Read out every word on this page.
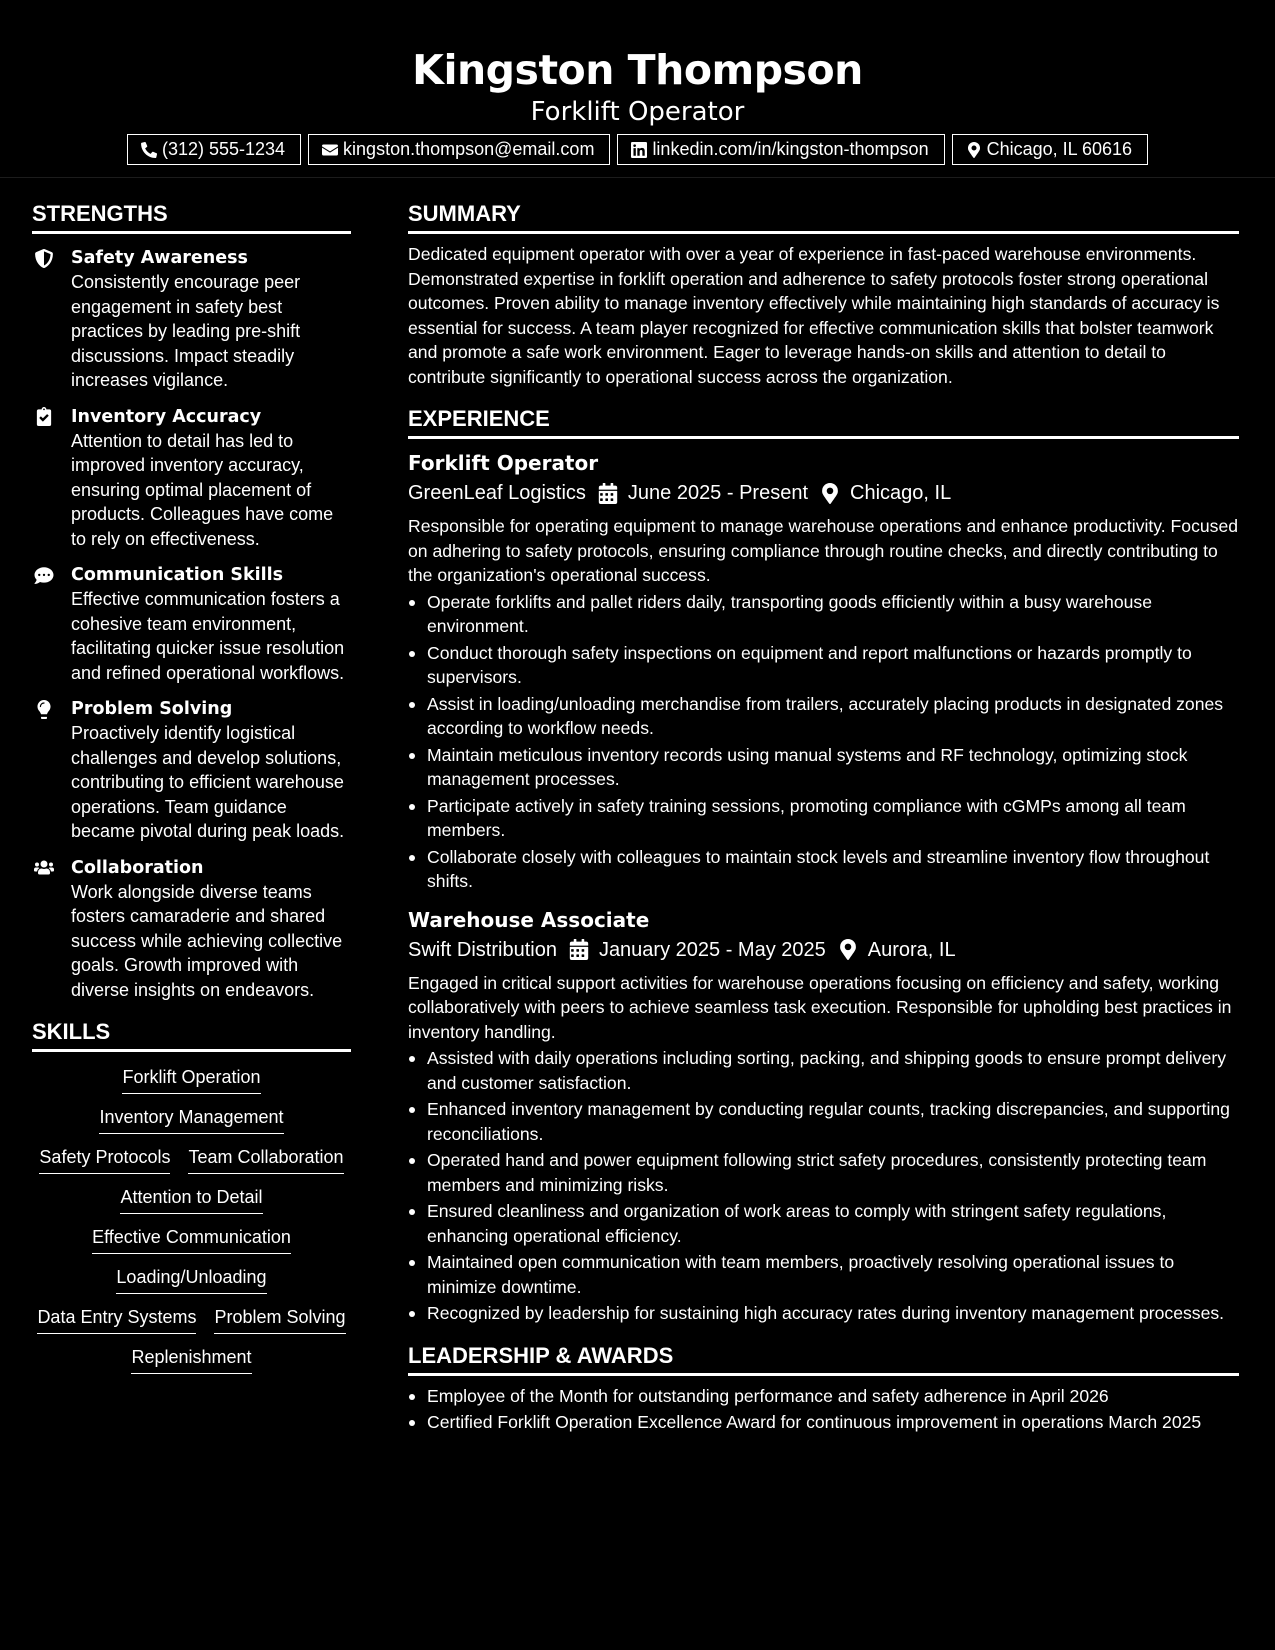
Kingston Thompson
Forklift Operator
(312) 555-1234	kingston.thompson@email.com	linkedin.com/in/kingston-thompson	Chicago, IL 60616
STRENGTHS
Safety Awareness

Consistently encourage peer engagement in safety best practices by leading pre-shift discussions. Impact steadily increases vigilance.

Inventory Accuracy

Attention to detail has led to improved inventory accuracy, ensuring optimal placement of products. Colleagues have come to rely on effectiveness.

Communication Skills

Effective communication fosters a cohesive team environment, facilitating quicker issue resolution and refined operational workflows.

Problem Solving

Proactively identify logistical challenges and develop solutions, contributing to efficient warehouse operations. Team guidance became pivotal during peak loads.

Collaboration

Work alongside diverse teams fosters camaraderie and shared success while achieving collective goals. Growth improved with diverse insights on endeavors.

SKILLS
Forklift Operation
Inventory Management
Safety Protocols Team Collaboration
Attention to Detail
Effective Communication
Loading/Unloading
Data Entry Systems Problem Solving
Replenishment
SUMMARY

Dedicated equipment operator with over a year of experience in fast-paced warehouse environments. Demonstrated expertise in forklift operation and adherence to safety protocols foster strong operational outcomes. Proven ability to manage inventory effectively while maintaining high standards of accuracy is essential for success. A team player recognized for effective communication skills that bolster teamwork and promote a safe work environment. Eager to leverage hands-on skills and attention to detail to contribute significantly to operational success across the organization.

EXPERIENCE
Forklift Operator
GreenLeaf Logistics June 2025 - Present Chicago, IL

Responsible for operating equipment to manage warehouse operations and enhance productivity. Focused on adhering to safety protocols, ensuring compliance through routine checks, and directly contributing to the organization's operational success.

Operate forklifts and pallet riders daily, transporting goods efficiently within a busy warehouse environment.
Conduct thorough safety inspections on equipment and report malfunctions or hazards promptly to supervisors.
Assist in loading/unloading merchandise from trailers, accurately placing products in designated zones according to workflow needs.
Maintain meticulous inventory records using manual systems and RF technology, optimizing stock management processes.
Participate actively in safety training sessions, promoting compliance with cGMPs among all team members.
Collaborate closely with colleagues to maintain stock levels and streamline inventory flow throughout shifts.
Warehouse Associate
Swift Distribution January 2025 - May 2025 Aurora, IL

Engaged in critical support activities for warehouse operations focusing on efficiency and safety, working collaboratively with peers to achieve seamless task execution. Responsible for upholding best practices in inventory handling.

Assisted with daily operations including sorting, packing, and shipping goods to ensure prompt delivery and customer satisfaction.
Enhanced inventory management by conducting regular counts, tracking discrepancies, and supporting reconciliations.
Operated hand and power equipment following strict safety procedures, consistently protecting team members and minimizing risks.
Ensured cleanliness and organization of work areas to comply with stringent safety regulations, enhancing operational efficiency.
Maintained open communication with team members, proactively resolving operational issues to minimize downtime.
Recognized by leadership for sustaining high accuracy rates during inventory management processes.
LEADERSHIP & AWARDS
Employee of the Month for outstanding performance and safety adherence in April 2026
Certified Forklift Operation Excellence Award for continuous improvement in operations March 2025
